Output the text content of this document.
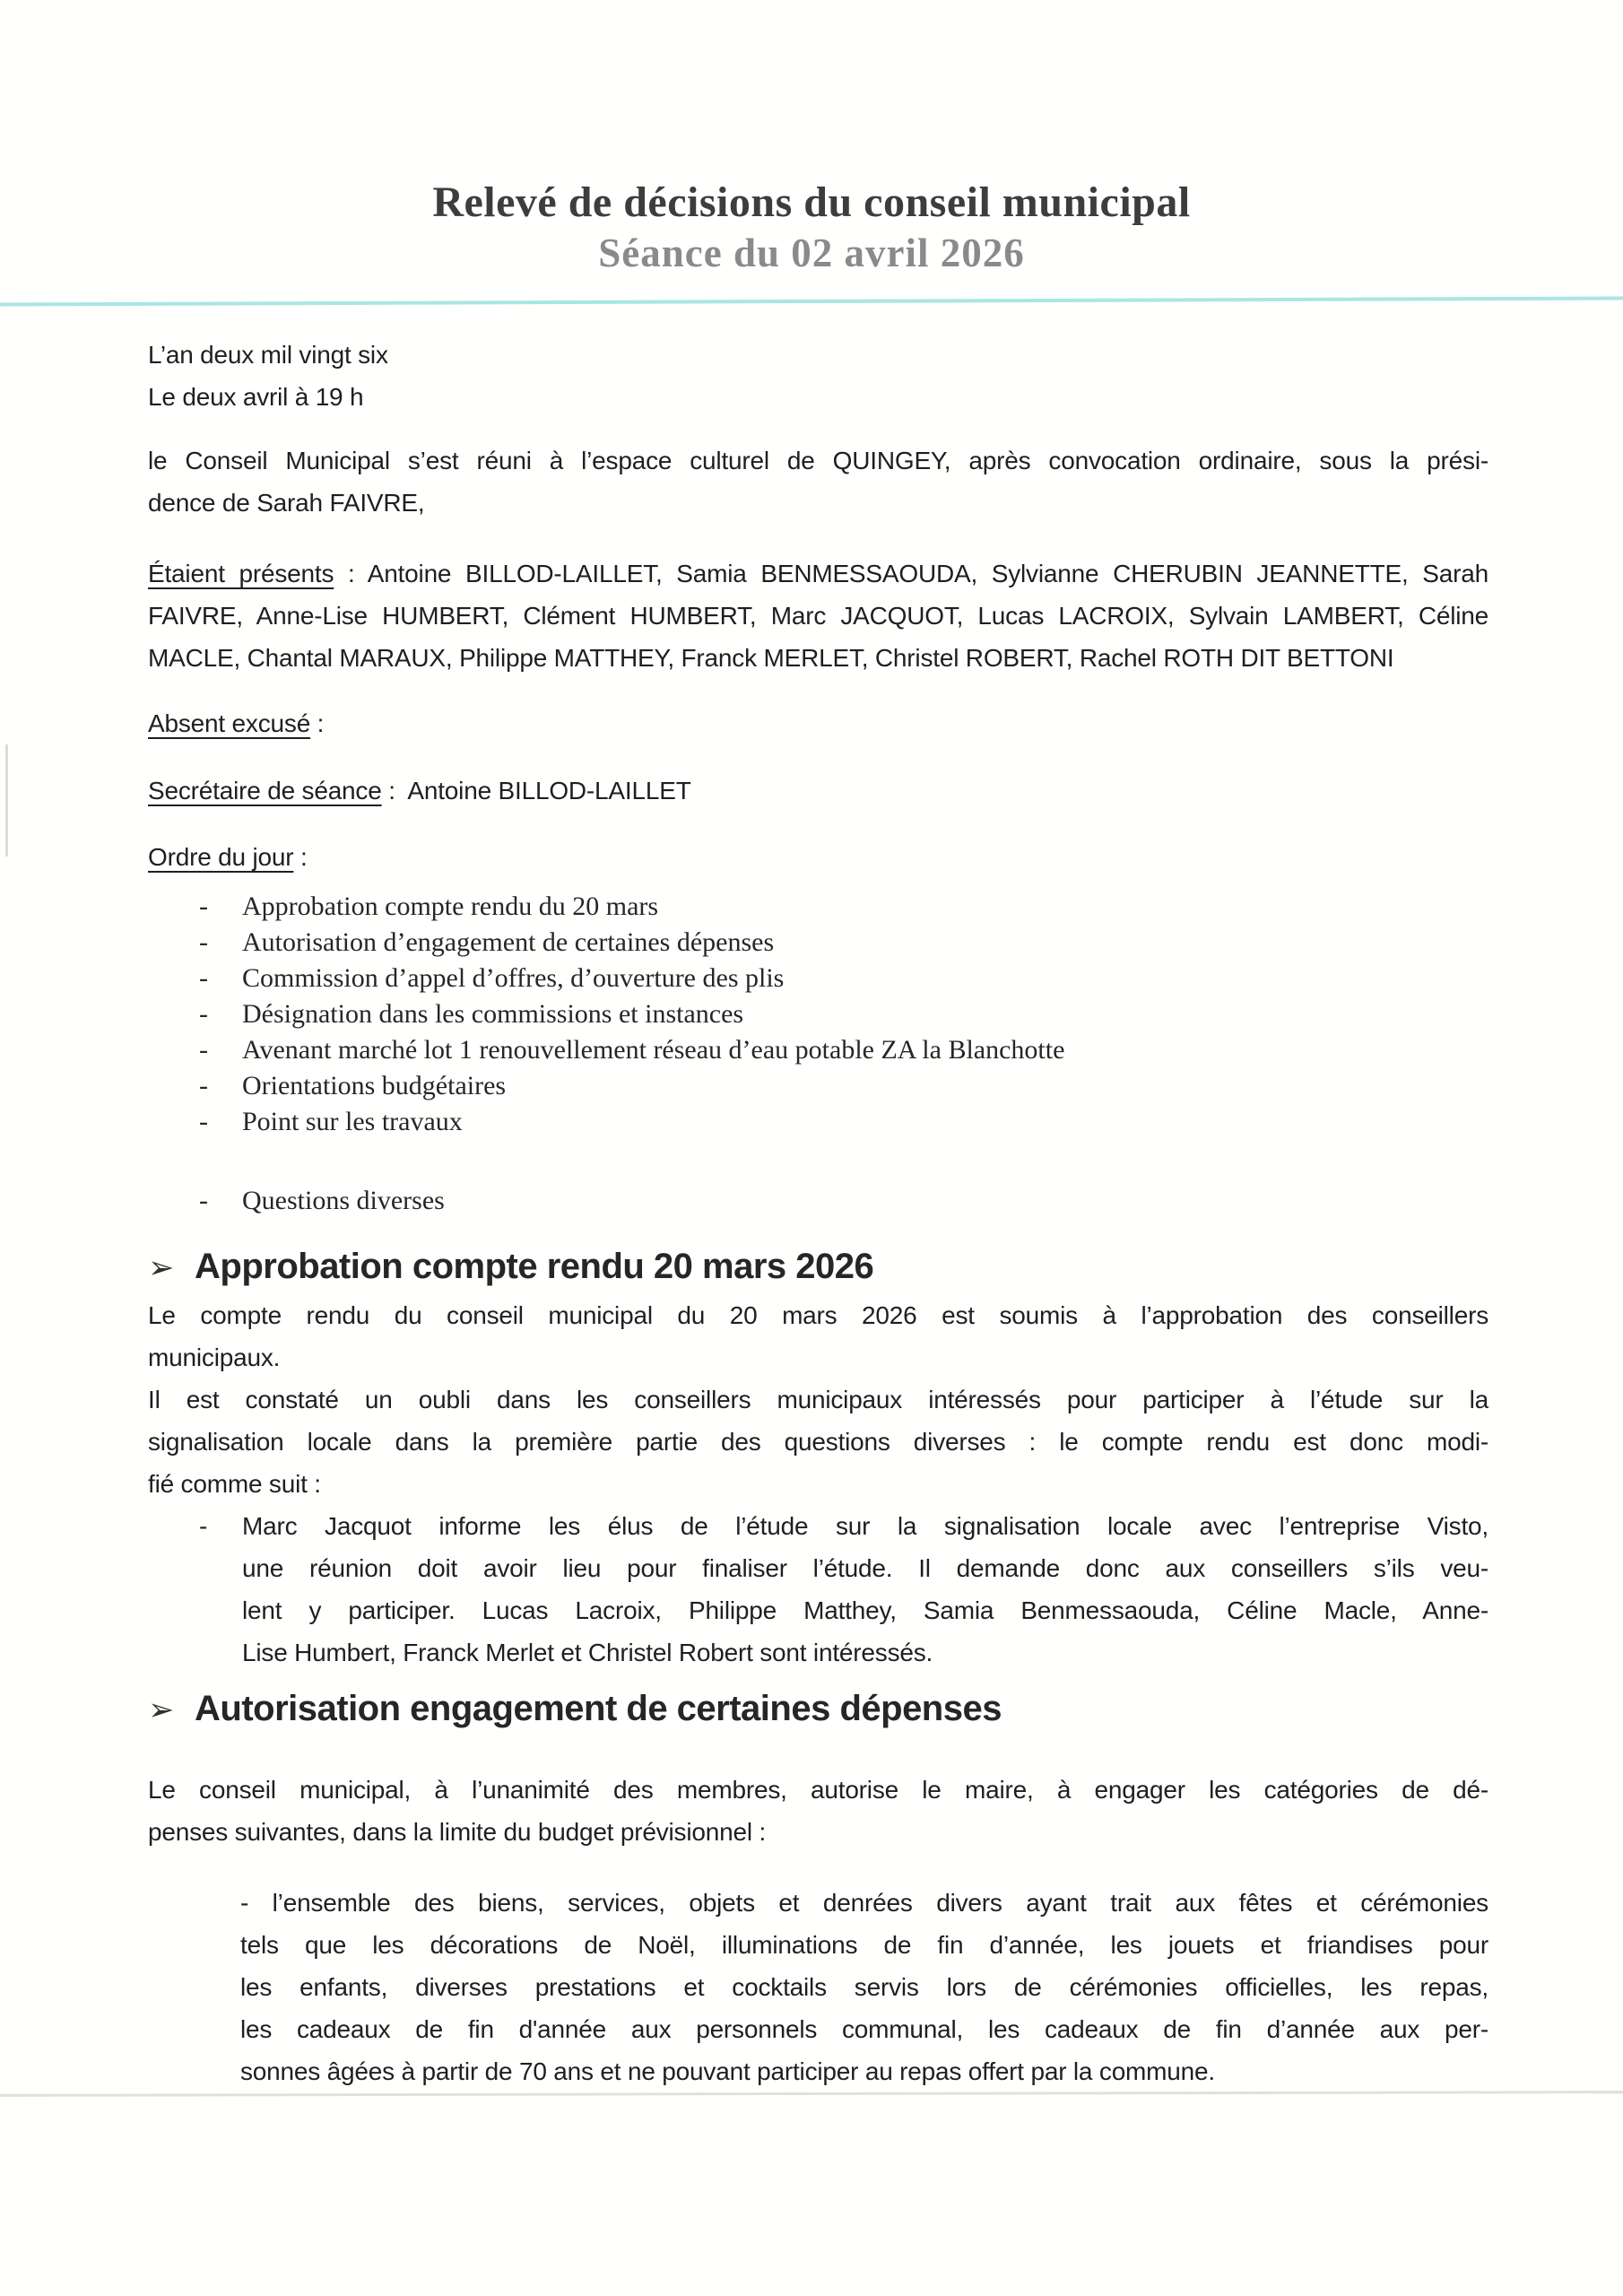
Relevé de décisions du conseil municipal
Séance du 02 avril 2026
L’an deux mil vingt six
Le deux avril à 19 h
le Conseil Municipal s’est réuni à l’espace culturel de QUINGEY, après convocation ordinaire, sous la prési-
dence de Sarah FAIVRE,
Étaient présents : Antoine BILLOD-LAILLET, Samia BENMESSAOUDA, Sylvianne CHERUBIN JEANNETTE, Sarah
FAIVRE, Anne-Lise HUMBERT, Clément HUMBERT, Marc JACQUOT, Lucas LACROIX, Sylvain LAMBERT, Céline
MACLE, Chantal MARAUX, Philippe MATTHEY, Franck MERLET, Christel ROBERT, Rachel ROTH DIT BETTONI
Absent excusé :
Secrétaire de séance :  Antoine BILLOD-LAILLET
Ordre du jour :
-	Approbation compte rendu du 20 mars
-	Autorisation d’engagement de certaines dépenses
-	Commission d’appel d’offres, d’ouverture des plis
-	Désignation dans les commissions et instances
-	Avenant marché lot 1 renouvellement réseau d’eau potable ZA la Blanchotte
-	Orientations budgétaires
-	Point sur les travaux
-	Questions diverses
➢ Approbation compte rendu 20 mars 2026
Le compte rendu du conseil municipal du 20 mars 2026 est soumis à l’approbation des conseillers
municipaux.
Il est constaté un oubli dans les conseillers municipaux intéressés pour participer à l’étude sur la
signalisation locale dans la première partie des questions diverses : le compte rendu est donc modi-
fié comme suit :
-	Marc Jacquot informe les élus de l’étude sur la signalisation locale avec l’entreprise Visto,
une réunion doit avoir lieu pour finaliser l’étude. Il demande donc aux conseillers s’ils veu-
lent y participer. Lucas Lacroix, Philippe Matthey, Samia Benmessaouda, Céline Macle, Anne-
Lise Humbert, Franck Merlet et Christel Robert sont intéressés.
➢ Autorisation engagement de certaines dépenses
Le conseil municipal, à l’unanimité des membres, autorise le maire, à engager les catégories de dé-
penses suivantes, dans la limite du budget prévisionnel :
- l’ensemble des biens, services, objets et denrées divers ayant trait aux fêtes et cérémonies
tels que les décorations de Noël, illuminations de fin d’année, les jouets et friandises pour
les enfants, diverses prestations et cocktails servis lors de cérémonies officielles, les repas,
les cadeaux de fin d'année aux personnels communal, les cadeaux de fin d’année aux per-
sonnes âgées à partir de 70 ans et ne pouvant participer au repas offert par la commune.
